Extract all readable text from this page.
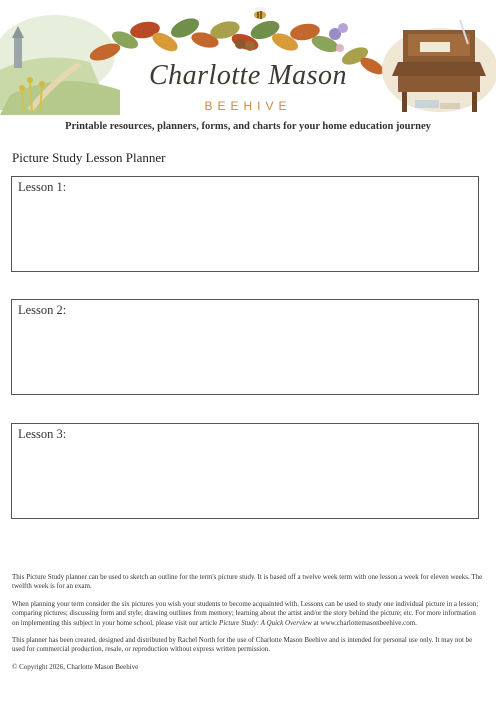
Charlotte Mason
BEEHIVE
Printable resources, planners, forms, and charts for your home education journey
Picture Study Lesson Planner
Lesson 1:
Lesson 2:
Lesson 3:

This Picture Study planner can be used to sketch an outline for the term's picture study. It is based off a twelve week term with one lesson a week for eleven weeks. The twelfth week is for an exam.

When planning your term consider the six pictures you wish your students to become acquainted with. Lessons can be used to study one individual picture in a lesson; comparing pictures; discussing form and style; drawing outlines from memory; learning about the artist and/or the story behind the picture; etc. For more information on implementing this subject in your home school, please visit our article Picture Study: A Quick Overview at www.charlottemasonbeehive.com.

This planner has been created, designed and distributed by Rachel North for the use of Charlotte Mason Beehive and is intended for personal use only. It may not be used for commercial production, resale, or reproduction without express written permission.

© Copyright 2026, Charlotte Mason Beehive
